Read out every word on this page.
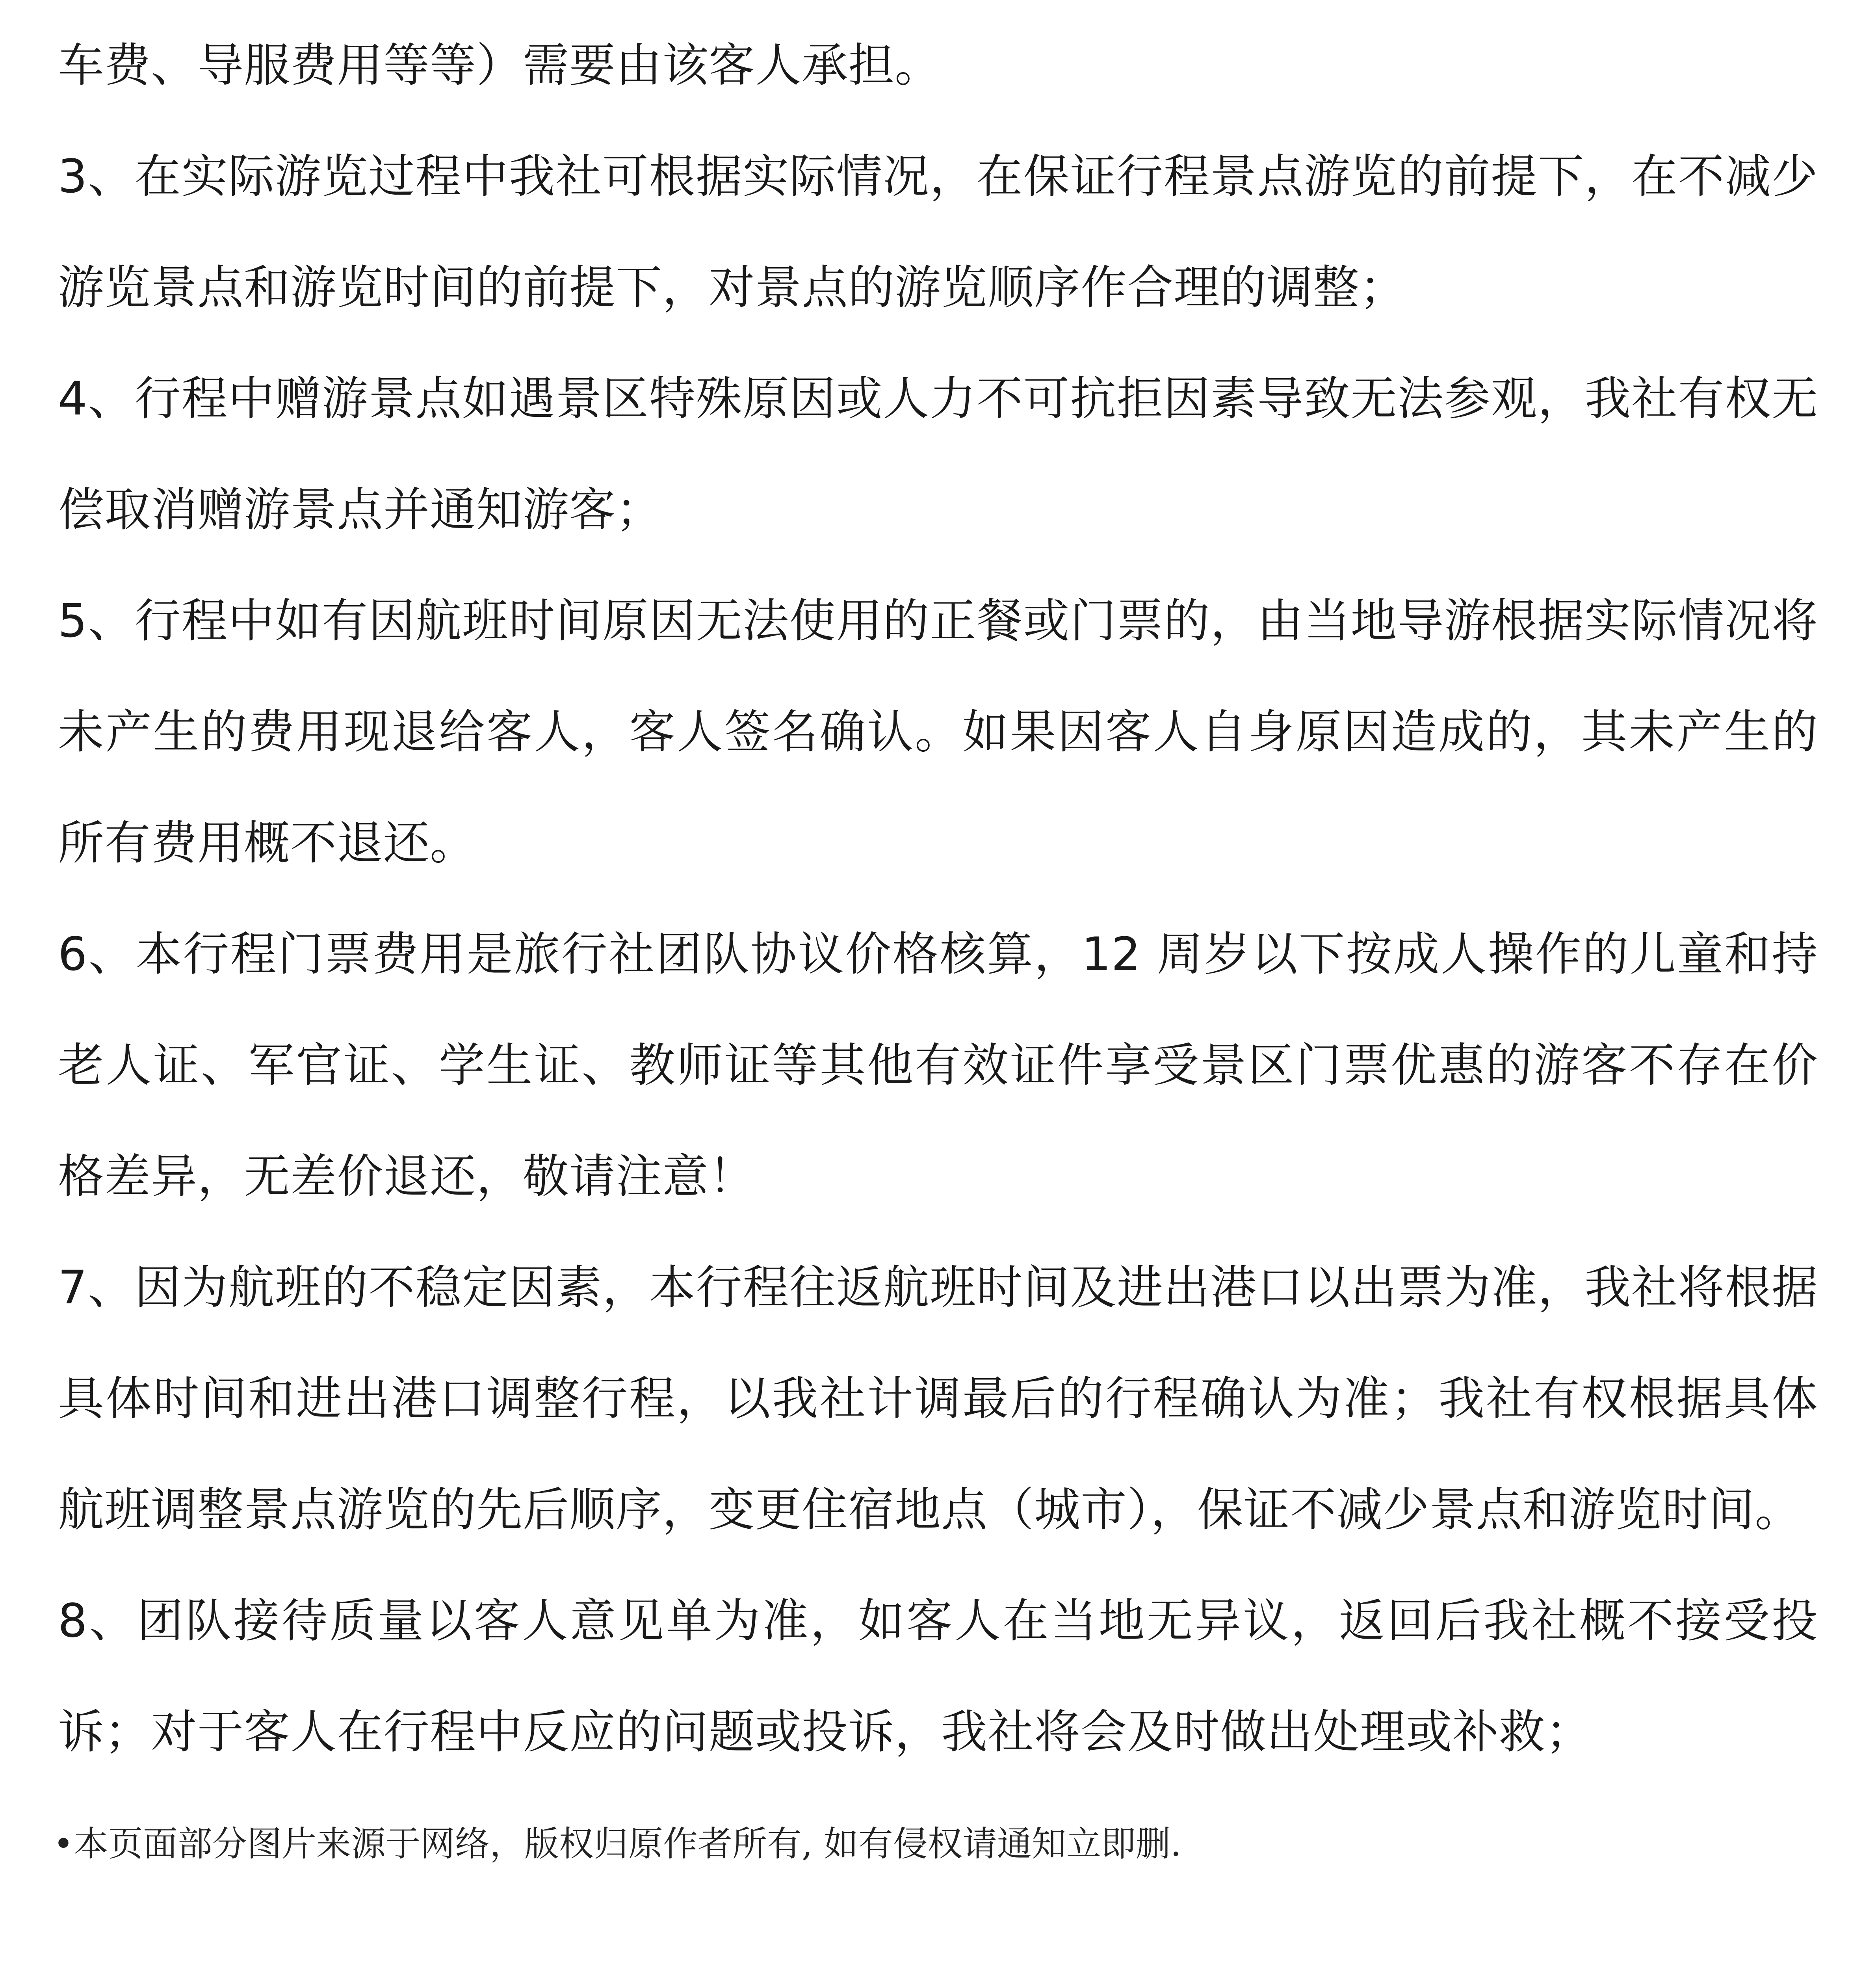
车费、导服费用等等）需要由该客人承担。

3、在实际游览过程中我社可根据实际情况，在保证行程景点游览的前提下，在不减少游览景点和游览时间的前提下，对景点的游览顺序作合理的调整；

4、行程中赠游景点如遇景区特殊原因或人力不可抗拒因素导致无法参观，我社有权无偿取消赠游景点并通知游客；

5、行程中如有因航班时间原因无法使用的正餐或门票的，由当地导游根据实际情况将未产生的费用现退给客人，客人签名确认。如果因客人自身原因造成的，其未产生的所有费用概不退还。

6、本行程门票费用是旅行社团队协议价格核算，12 周岁以下按成人操作的儿童和持老人证、军官证、学生证、教师证等其他有效证件享受景区门票优惠的游客不存在价格差异，无差价退还，敬请注意！

7、因为航班的不稳定因素，本行程往返航班时间及进出港口以出票为准，我社将根据具体时间和进出港口调整行程，以我社计调最后的行程确认为准；我社有权根据具体航班调整景点游览的先后顺序，变更住宿地点（城市），保证不减少景点和游览时间。

8、团队接待质量以客人意见单为准，如客人在当地无异议，返回后我社概不接受投诉；对于客人在行程中反应的问题或投诉，我社将会及时做出处理或补救；

•本页面部分图片来源于网络，版权归原作者所有, 如有侵权请通知立即删.
